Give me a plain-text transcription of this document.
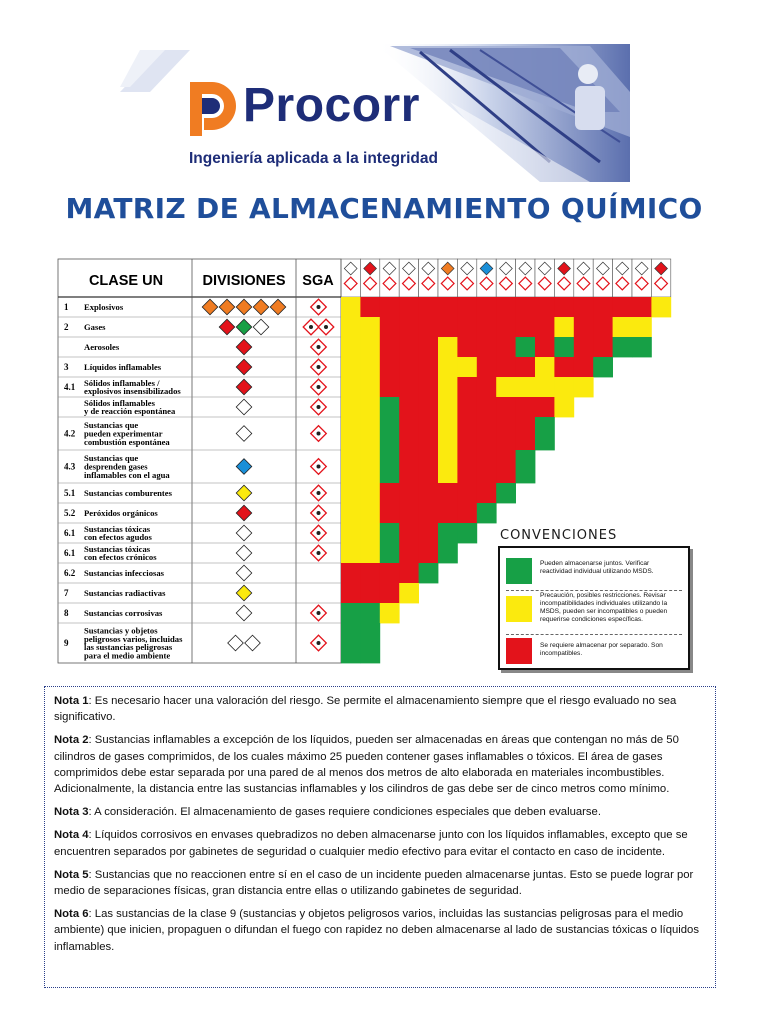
Procorr
Ingeniería aplicada a la integridad
MATRIZ DE ALMACENAMIENTO QUÍMICO
CLASE UN	DIVISIONES SGA
1 Explosivos
2 Gases
Aerosoles
3 Líquidos inflamables
4.1 Sólidos inflamables /
explosivos insensibilizados
Sólidos inflamables
y de reacción espontánea
4.2
Sustancias que
pueden experimentar
combustión espontánea
4.3
Sustancias que
desprenden gases
inflamables con el agua
5.1 Sustancias comburentes
5.2 Peróxidos orgánicos
6.1 Sustancias tóxicas
con efectos agudos
6.1 Sustancias tóxicas
con efectos crónicos
6.2 Sustancias infecciosas
7 Sustancias radiactivas
8 Sustancias corrosivas
9
Sustancias y objetos
peligrosos varios, incluidas
las sustancias peligrosas
para el medio ambiente
CONVENCIONES
Pueden almacenarse juntos. Verificar reactividad individual utilizando MSDS.
Precaución, posibles restricciones. Revisar incompatibilidades individuales utilizando la MSDS, pueden ser incompatibles o pueden requerirse condiciones específicas.
Se requiere almacenar por separado. Son incompatibles.

Nota 1: Es necesario hacer una valoración del riesgo. Se permite el almacenamiento siempre que el riesgo evaluado no sea significativo.

Nota 2: Sustancias inflamables a excepción de los líquidos, pueden ser almacenadas en áreas que contengan no más de 50 cilindros de gases comprimidos, de los cuales máximo 25 pueden contener gases inflamables o tóxicos. El área de gases comprimidos debe estar separada por una pared de al menos dos metros de alto elaborada en materiales incombustibles. Adicionalmente, la distancia entre las sustancias inflamables y los cilindros de gas debe ser de cinco metros como mínimo.

Nota 3: A consideración. El almacenamiento de gases requiere condiciones especiales que deben evaluarse.

Nota 4: Líquidos corrosivos en envases quebradizos no deben almacenarse junto con los líquidos inflamables, excepto que se encuentren separados por gabinetes de seguridad o cualquier medio efectivo para evitar el contacto en caso de incidente.

Nota 5: Sustancias que no reaccionen entre sí en el caso de un incidente pueden almacenarse juntas. Esto se puede lograr por medio de separaciones físicas, gran distancia entre ellas o utilizando gabinetes de seguridad.

Nota 6: Las sustancias de la clase 9 (sustancias y objetos peligrosos varios, incluidas las sustancias peligrosas para el medio ambiente) que inicien, propaguen o difundan el fuego con rapidez no deben almacenarse al lado de sustancias tóxicas o líquidos inflamables.
